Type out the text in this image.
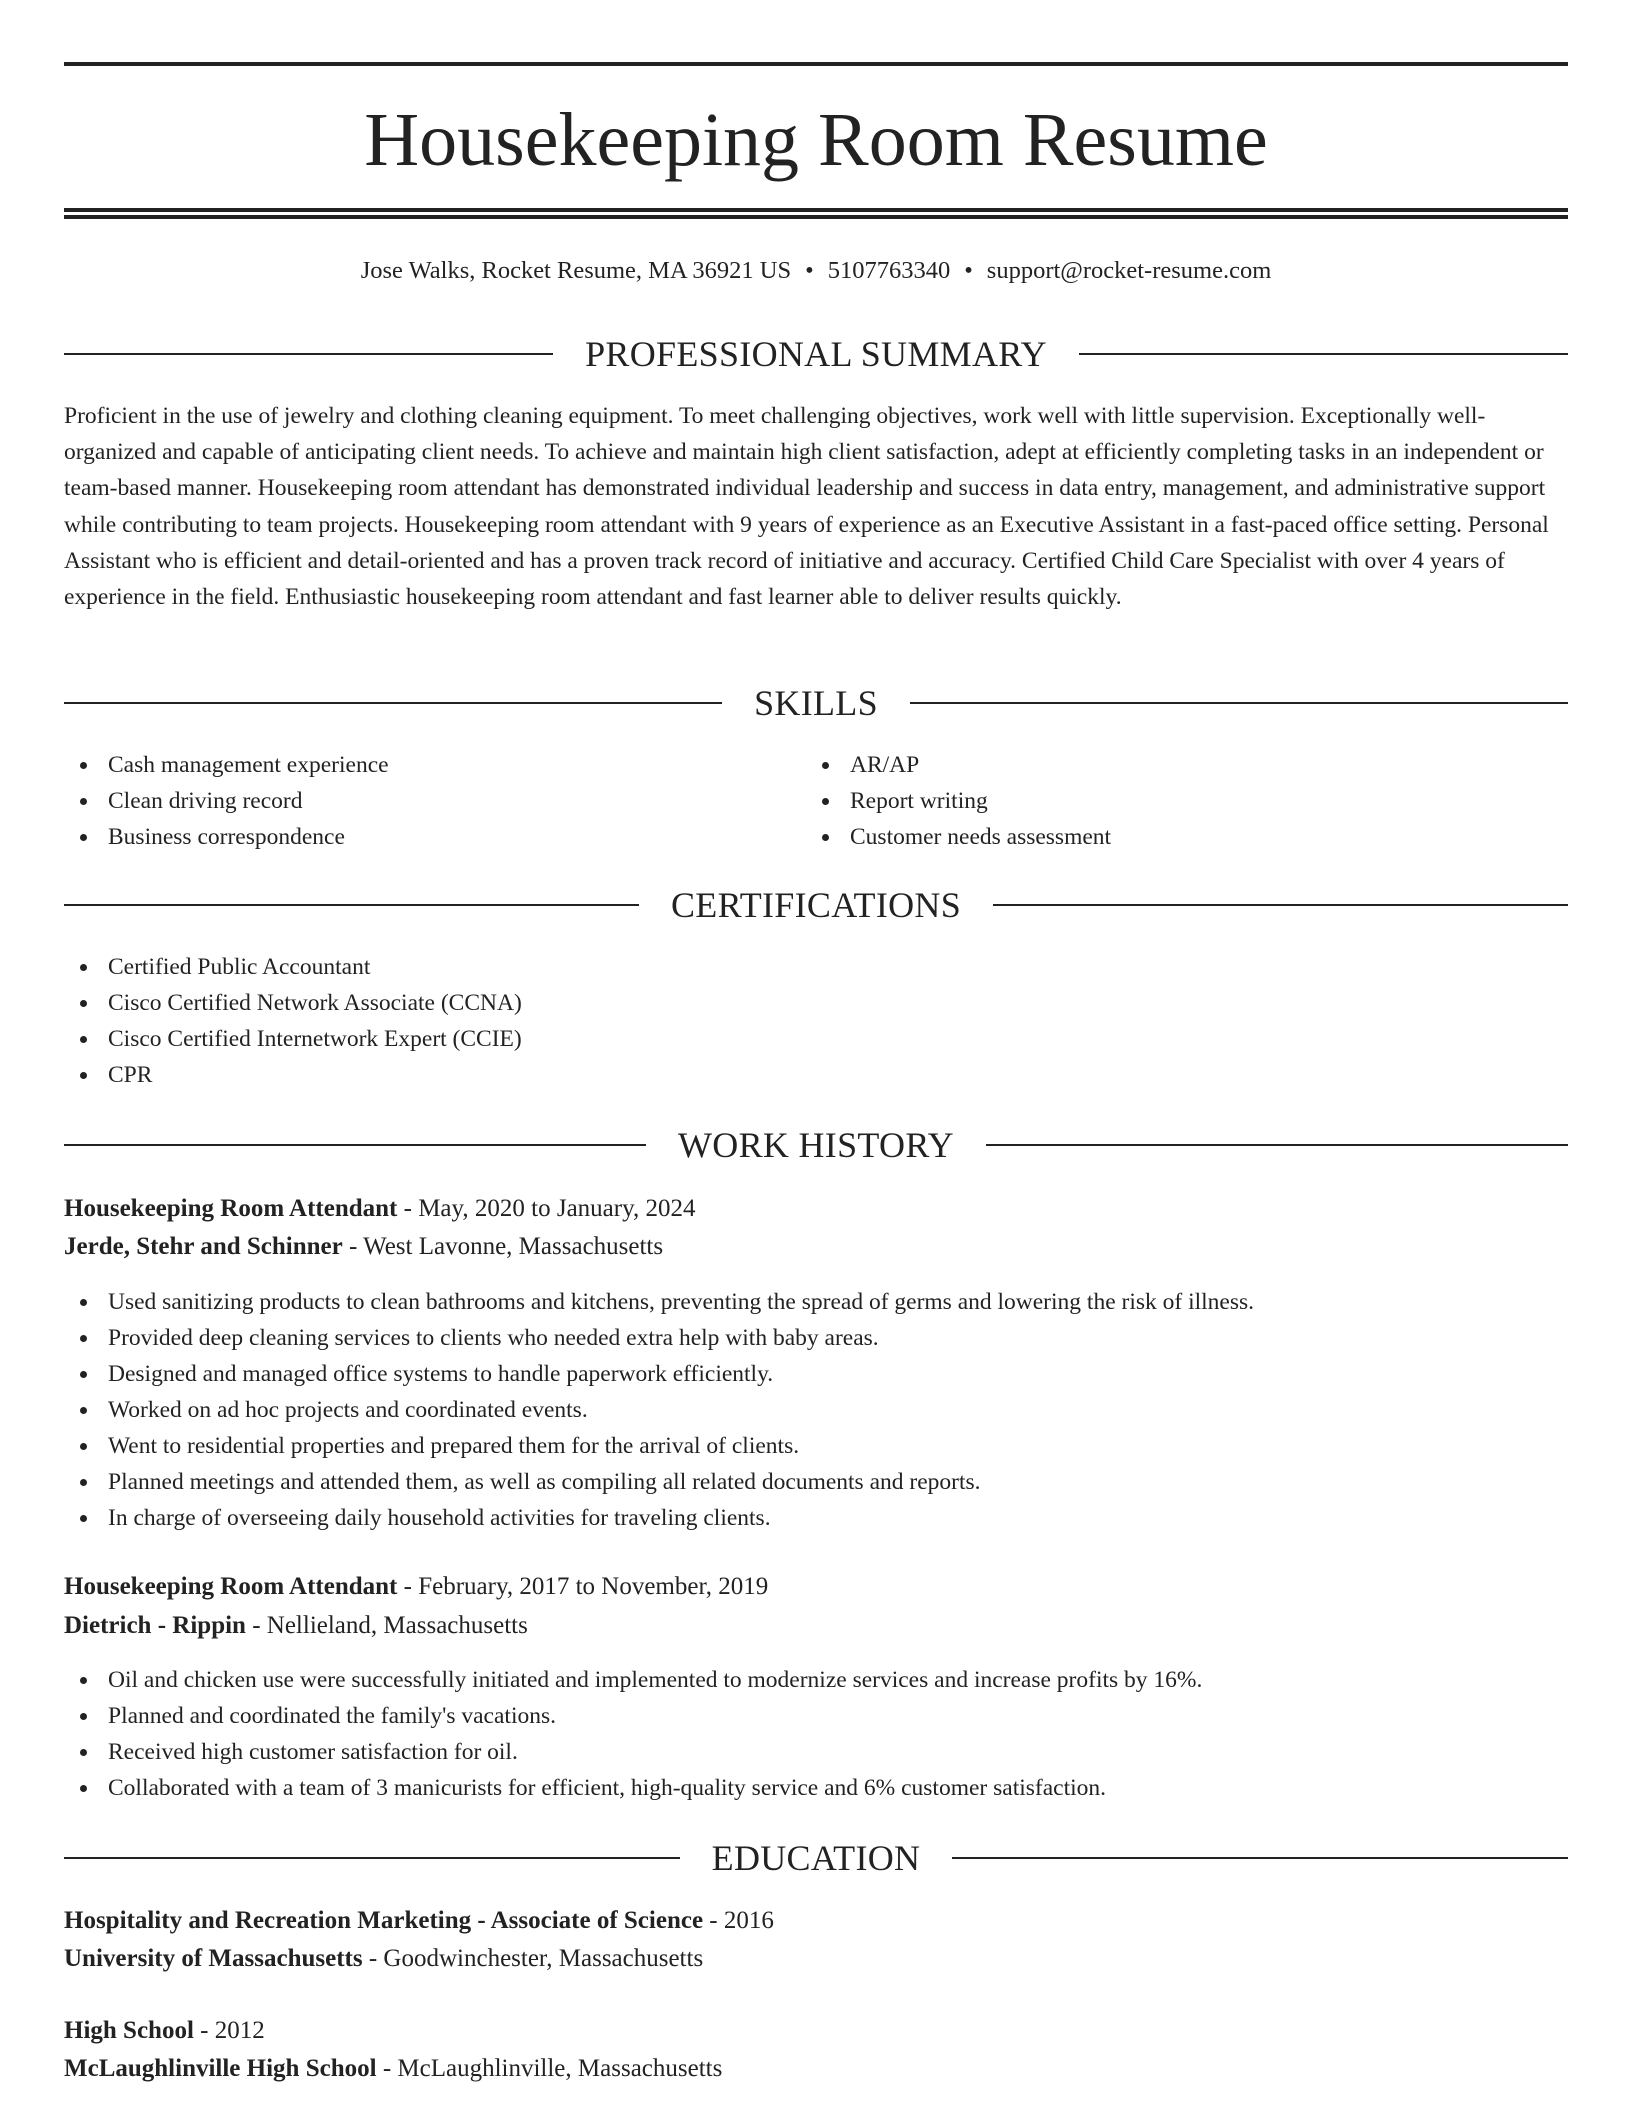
Housekeeping Room Resume
Jose Walks, Rocket Resume, MA 36921 US • 5107763340 • support@rocket-resume.com
PROFESSIONAL SUMMARY

Proficient in the use of jewelry and clothing cleaning equipment. To meet challenging objectives, work well with little supervision. Exceptionally well-organized and capable of anticipating client needs. To achieve and maintain high client satisfaction, adept at efficiently completing tasks in an independent or team-based manner. Housekeeping room attendant has demonstrated individual leadership and success in data entry, management, and administrative support while contributing to team projects. Housekeeping room attendant with 9 years of experience as an Executive Assistant in a fast-paced office setting. Personal Assistant who is efficient and detail-oriented and has a proven track record of initiative and accuracy. Certified Child Care Specialist with over 4 years of experience in the field. Enthusiastic housekeeping room attendant and fast learner able to deliver results quickly.

SKILLS
Cash management experience
Clean driving record
Business correspondence
AR/AP
Report writing
Customer needs assessment
CERTIFICATIONS
Certified Public Accountant
Cisco Certified Network Associate (CCNA)
Cisco Certified Internetwork Expert (CCIE)
CPR
WORK HISTORY
Housekeeping Room Attendant - May, 2020 to January, 2024
Jerde, Stehr and Schinner - West Lavonne, Massachusetts
Used sanitizing products to clean bathrooms and kitchens, preventing the spread of germs and lowering the risk of illness.
Provided deep cleaning services to clients who needed extra help with baby areas.
Designed and managed office systems to handle paperwork efficiently.
Worked on ad hoc projects and coordinated events.
Went to residential properties and prepared them for the arrival of clients.
Planned meetings and attended them, as well as compiling all related documents and reports.
In charge of overseeing daily household activities for traveling clients.
Housekeeping Room Attendant - February, 2017 to November, 2019
Dietrich - Rippin - Nellieland, Massachusetts
Oil and chicken use were successfully initiated and implemented to modernize services and increase profits by 16%.
Planned and coordinated the family's vacations.
Received high customer satisfaction for oil.
Collaborated with a team of 3 manicurists for efficient, high-quality service and 6% customer satisfaction.
EDUCATION
Hospitality and Recreation Marketing - Associate of Science - 2016
University of Massachusetts - Goodwinchester, Massachusetts
High School - 2012
McLaughlinville High School - McLaughlinville, Massachusetts
